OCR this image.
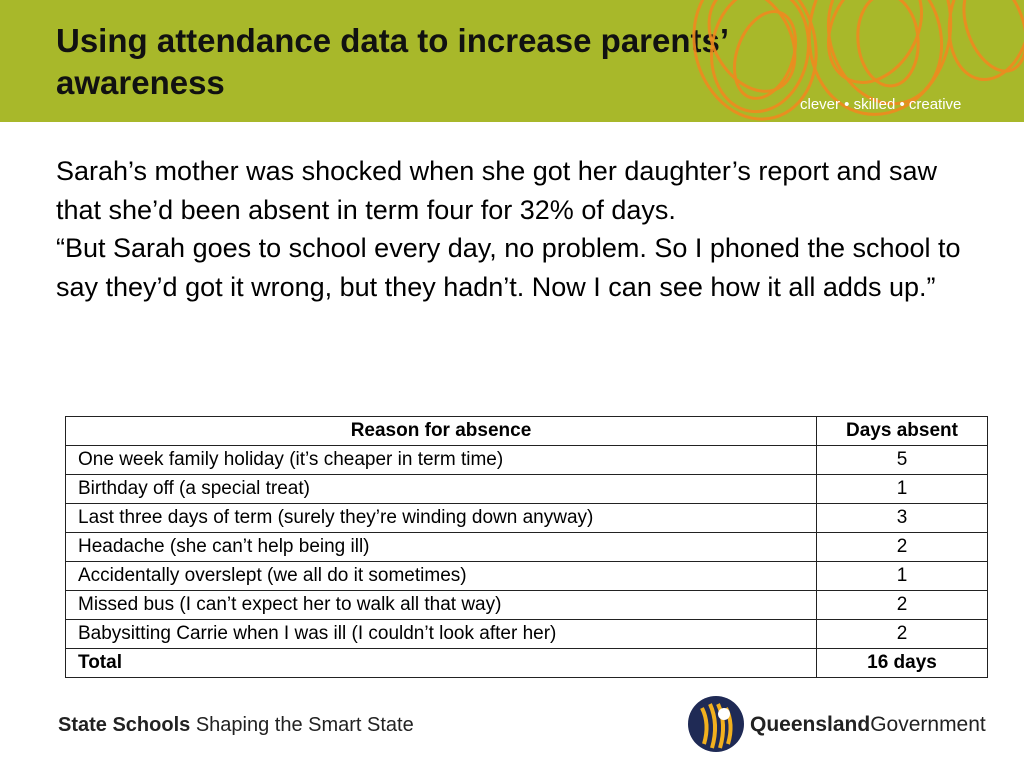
Using attendance data to increase parents’ awareness
clever • skilled • creative

Sarah’s mother was shocked when she got her daughter’s report and saw that she’d been absent in term four for 32% of days.

“But Sarah goes to school every day, no problem. So I phoned the school to say they’d got it wrong, but they hadn’t. Now I can see how it all adds up.”

Reason for absence	Days absent
One week family holiday (it’s cheaper in term time)	5
Birthday off (a special treat)	1
Last three days of term (surely they’re winding down anyway)	3
Headache (she can’t help being ill)	2
Accidentally overslept (we all do it sometimes)	1
Missed bus (I can’t expect her to walk all that way)	2
Babysitting Carrie when I was ill (I couldn’t look after her)	2
Total	16 days
State Schools Shaping the Smart State	QueenslandGovernment
